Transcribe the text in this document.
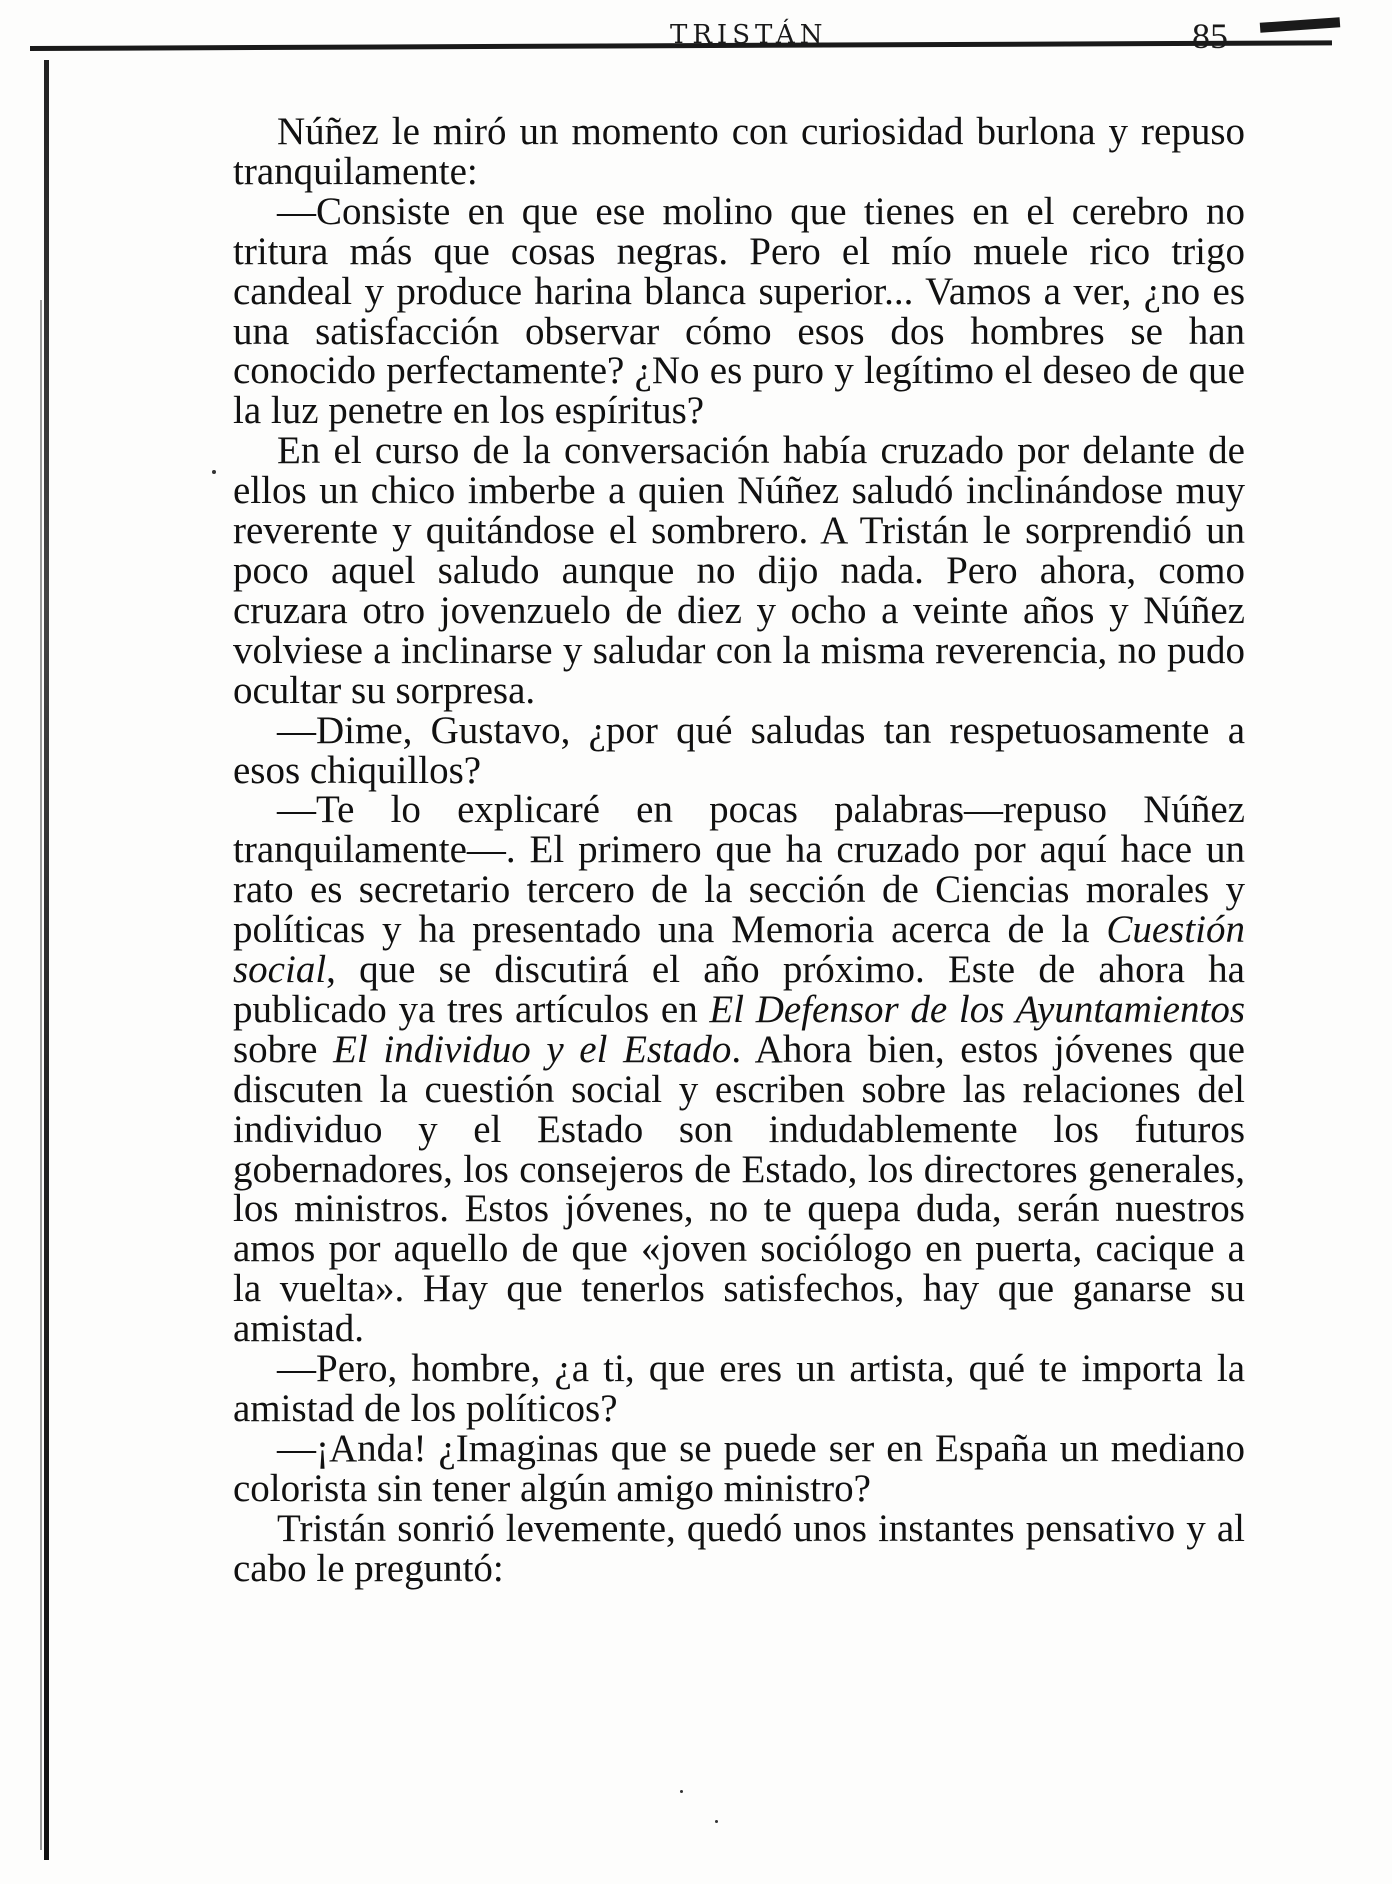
TRISTÁN	85

Núñez le miró un momento con curiosidad burlona y repuso tranquilamente:

—Consiste en que ese molino que tienes en el cerebro no tritura más que cosas negras. Pero el mío muele rico trigo candeal y produce harina blanca superior... Vamos a ver, ¿no es una satisfacción observar cómo esos dos hombres se han conocido perfectamente? ¿No es puro y legítimo el deseo de que la luz penetre en los espíritus?

En el curso de la conversación había cruzado por delante de ellos un chico imberbe a quien Núñez saludó inclinándose muy reverente y quitándose el sombrero. A Tristán le sorprendió un poco aquel saludo aunque no dijo nada. Pero ahora, como cruzara otro jovenzuelo de diez y ocho a veinte años y Núñez volviese a inclinarse y saludar con la misma reverencia, no pudo ocultar su sorpresa.

—Dime, Gustavo, ¿por qué saludas tan respetuosamente a esos chiquillos?

—Te lo explicaré en pocas palabras—repuso Núñez tranquilamente—. El primero que ha cruzado por aquí hace un rato es secretario tercero de la sección de Ciencias morales y políticas y ha presentado una Memoria acerca de la Cuestión social, que se discutirá el año próximo. Este de ahora ha publicado ya tres artículos en El Defensor de los Ayuntamientos sobre El individuo y el Estado. Ahora bien, estos jóvenes que discuten la cuestión social y escriben sobre las relaciones del individuo y el Estado son indudablemente los futuros gobernadores, los consejeros de Estado, los directores generales, los ministros. Estos jóvenes, no te quepa duda, serán nuestros amos por aquello de que «joven sociólogo en puerta, cacique a la vuelta». Hay que tenerlos satisfechos, hay que ganarse su amistad.

—Pero, hombre, ¿a ti, que eres un artista, qué te importa la amistad de los políticos?

—¡Anda! ¿Imaginas que se puede ser en España un mediano colorista sin tener algún amigo ministro?

Tristán sonrió levemente, quedó unos instantes pensativo y al cabo le preguntó:
